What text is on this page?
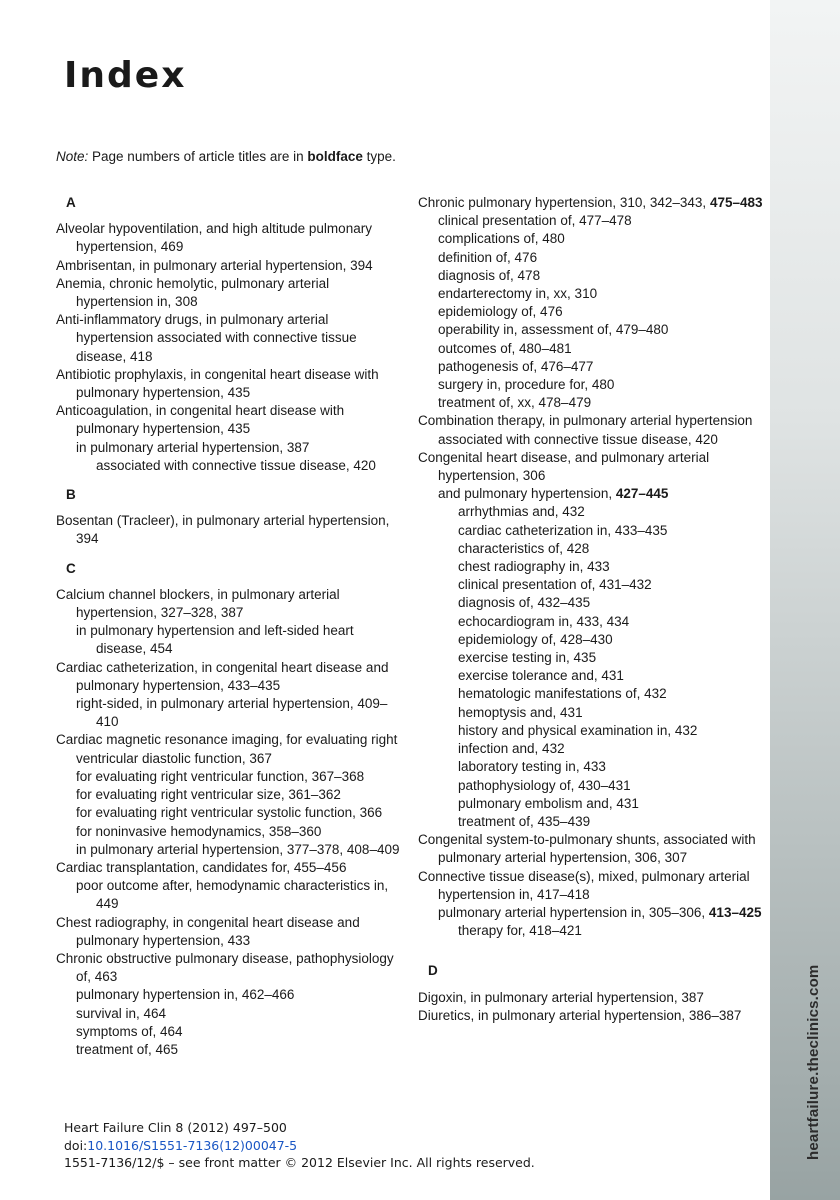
heartfailure.theclinics.com
Index
Note: Page numbers of article titles are in boldface type.
A
Alveolar hypoventilation, and high altitude pulmonary hypertension, 469
Ambrisentan, in pulmonary arterial hypertension, 394
Anemia, chronic hemolytic, pulmonary arterial hypertension in, 308
Anti-inflammatory drugs, in pulmonary arterial hypertension associated with connective tissue disease, 418
Antibiotic prophylaxis, in congenital heart disease with pulmonary hypertension, 435
Anticoagulation, in congenital heart disease with pulmonary hypertension, 435
in pulmonary arterial hypertension, 387
associated with connective tissue disease, 420
B
Bosentan (Tracleer), in pulmonary arterial hypertension, 394
C
Calcium channel blockers, in pulmonary arterial hypertension, 327–328, 387
in pulmonary hypertension and left-sided heart disease, 454
Cardiac catheterization, in congenital heart disease and pulmonary hypertension, 433–435
right-sided, in pulmonary arterial hypertension, 409–410
Cardiac magnetic resonance imaging, for evaluating right ventricular diastolic function, 367
for evaluating right ventricular function, 367–368
for evaluating right ventricular size, 361–362
for evaluating right ventricular systolic function, 366
for noninvasive hemodynamics, 358–360
in pulmonary arterial hypertension, 377–378, 408–409
Cardiac transplantation, candidates for, 455–456
poor outcome after, hemodynamic characteristics in, 449
Chest radiography, in congenital heart disease and pulmonary hypertension, 433
Chronic obstructive pulmonary disease, pathophysiology of, 463
pulmonary hypertension in, 462–466
survival in, 464
symptoms of, 464
treatment of, 465
Chronic pulmonary hypertension, 310, 342–343, 475–483
clinical presentation of, 477–478
complications of, 480
definition of, 476
diagnosis of, 478
endarterectomy in, xx, 310
epidemiology of, 476
operability in, assessment of, 479–480
outcomes of, 480–481
pathogenesis of, 476–477
surgery in, procedure for, 480
treatment of, xx, 478–479
Combination therapy, in pulmonary arterial hypertension associated with connective tissue disease, 420
Congenital heart disease, and pulmonary arterial hypertension, 306
and pulmonary hypertension, 427–445
arrhythmias and, 432
cardiac catheterization in, 433–435
characteristics of, 428
chest radiography in, 433
clinical presentation of, 431–432
diagnosis of, 432–435
echocardiogram in, 433, 434
epidemiology of, 428–430
exercise testing in, 435
exercise tolerance and, 431
hematologic manifestations of, 432
hemoptysis and, 431
history and physical examination in, 432
infection and, 432
laboratory testing in, 433
pathophysiology of, 430–431
pulmonary embolism and, 431
treatment of, 435–439
Congenital system-to-pulmonary shunts, associated with pulmonary arterial hypertension, 306, 307
Connective tissue disease(s), mixed, pulmonary arterial hypertension in, 417–418
pulmonary arterial hypertension in, 305–306, 413–425
therapy for, 418–421
D
Digoxin, in pulmonary arterial hypertension, 387
Diuretics, in pulmonary arterial hypertension, 386–387
Heart Failure Clin 8 (2012) 497–500
doi:10.1016/S1551-7136(12)00047-5
1551-7136/12/$ – see front matter © 2012 Elsevier Inc. All rights reserved.
